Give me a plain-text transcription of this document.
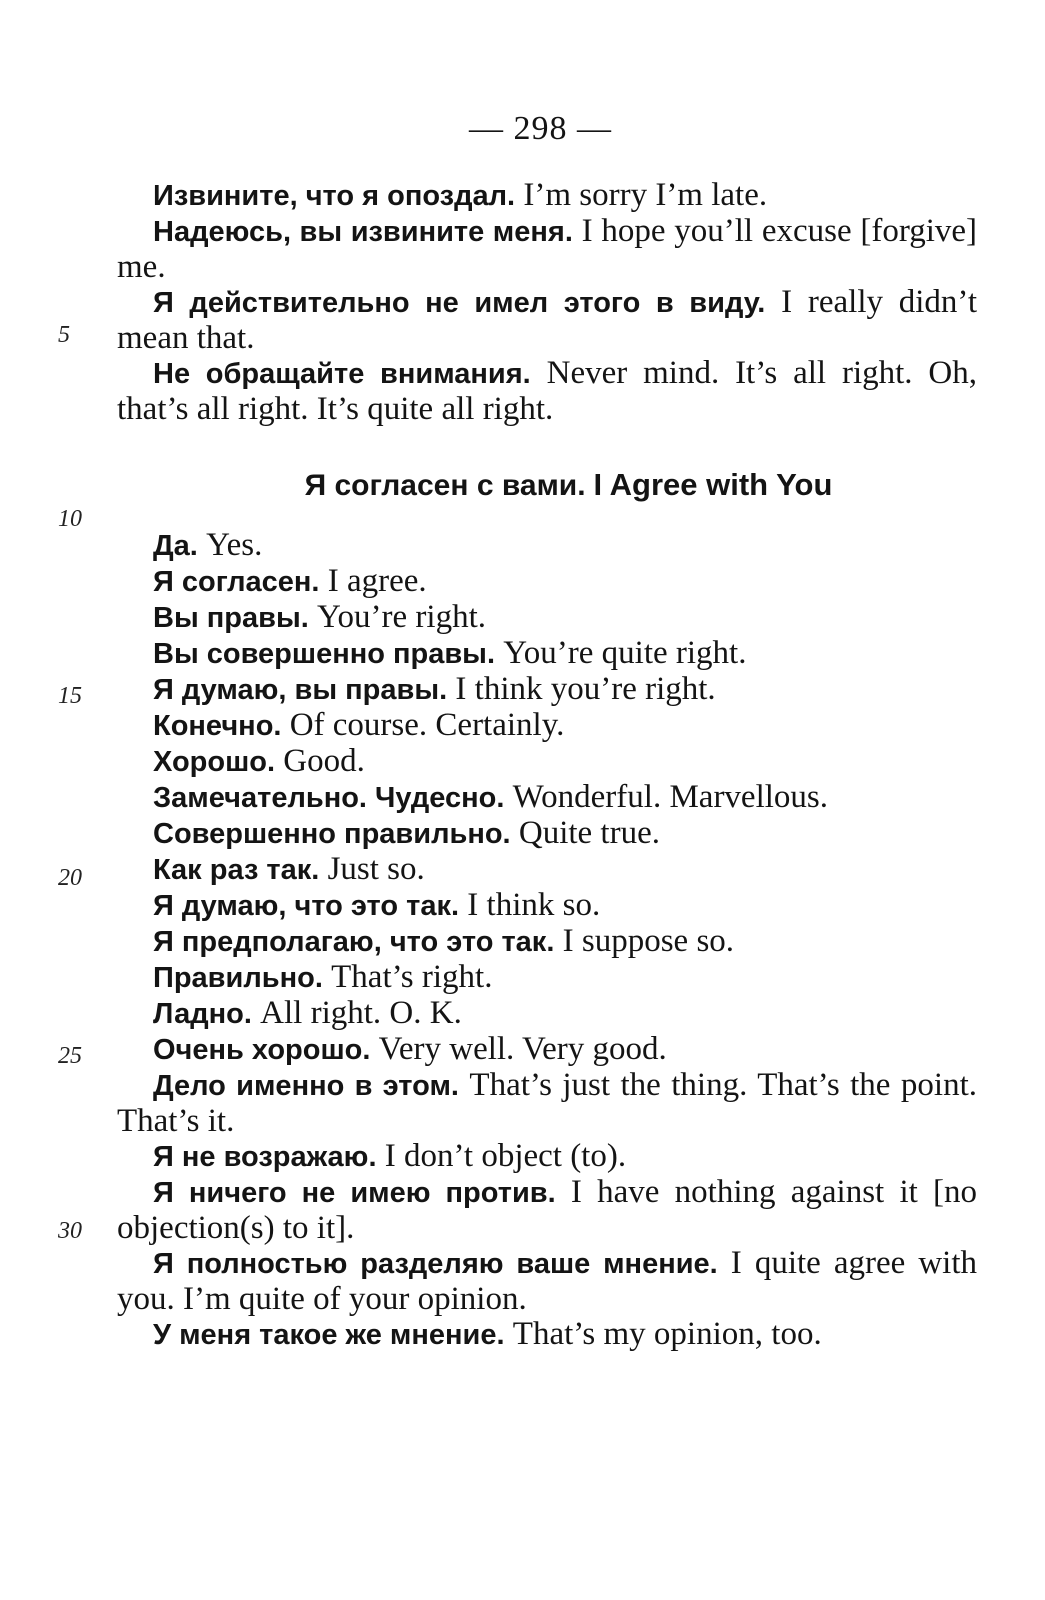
— 298 —
Извините, что я опоздал. I’m sorry I’m late.
Надеюсь, вы извините меня. I hope you’ll excuse [forgive] me.
Я действительно не имел этого в виду. I really didn’t mean that.
Не обращайте внимания. Never mind. It’s all right. Oh, that’s all right. It’s quite all right.
Я согласен с вами. I Agree with You
Да. Yes.
Я согласен. I agree.
Вы правы. You’re right.
Вы совершенно правы. You’re quite right.
Я думаю, вы правы. I think you’re right.
Конечно. Of course. Certainly.
Хорошо. Good.
Замечательно. Чудесно. Wonderful. Marvellous.
Совершенно правильно. Quite true.
Как раз так. Just so.
Я думаю, что это так. I think so.
Я предполагаю, что это так. I suppose so.
Правильно. That’s right.
Ладно. All right. O. K.
Очень хорошо. Very well. Very good.
Дело именно в этом. That’s just the thing. That’s the point. That’s it.
Я не возражаю. I don’t object (to).
Я ничего не имею против. I have nothing against it [no objection(s) to it].
Я полностью разделяю ваше мнение. I quite agree with you. I’m quite of your opinion.
У меня такое же мнение. That’s my opinion, too.
5
10
15
20
25
30
